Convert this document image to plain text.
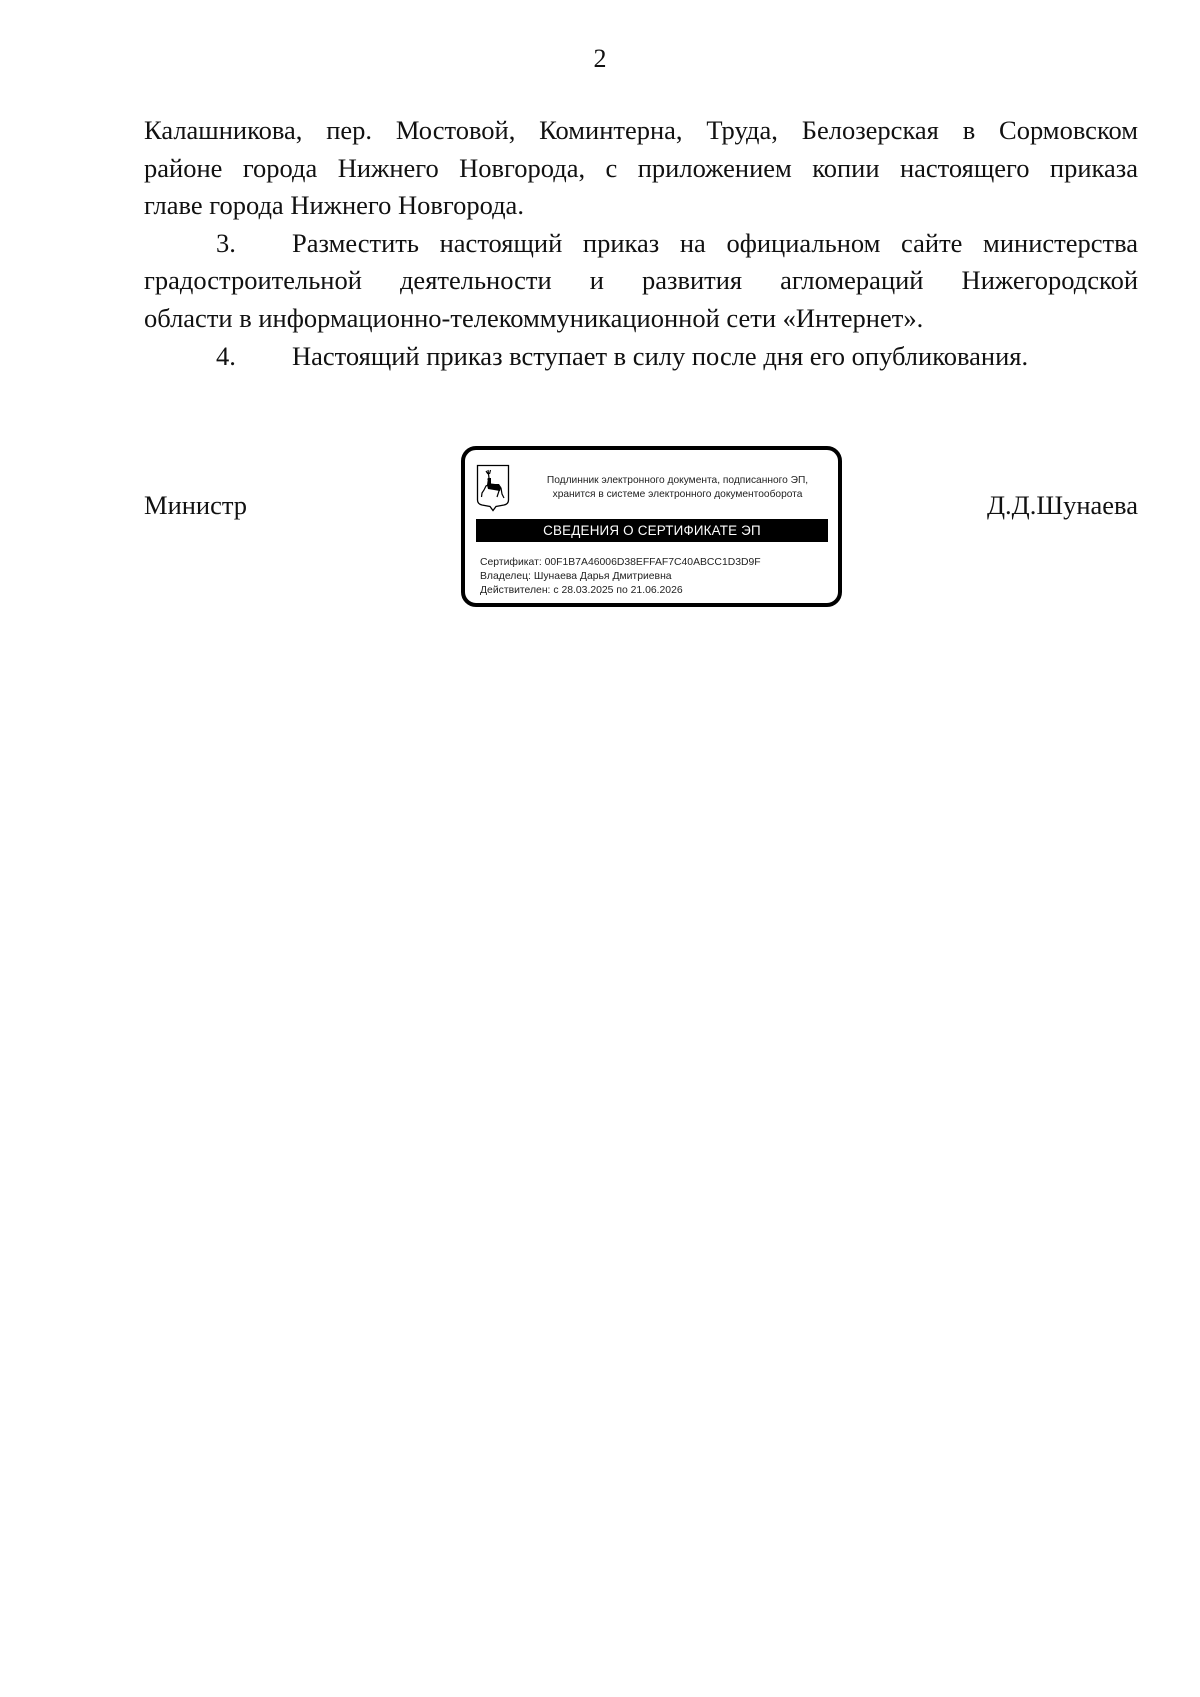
2

Калашникова, пер. Мостовой, Коминтерна, Труда, Белозерская в Сормовском

районе города Нижнего Новгорода, с приложением копии настоящего приказа

главе города Нижнего Новгорода.

3. Разместить настоящий приказ на официальном сайте министерства

градостроительной деятельности и развития агломераций Нижегородской

области в информационно-телекоммуникационной сети «Интернет».

4. Настоящий приказ вступает в силу после дня его опубликования.

Министр	Д.Д.Шунаева
Подлинник электронного документа, подписанного ЭП,
хранится в системе электронного документооборота
СВЕДЕНИЯ О СЕРТИФИКАТЕ ЭП
Сертификат: 00F1B7A46006D38EFFAF7C40ABCC1D3D9F
Владелец: Шунаева Дарья Дмитриевна
Действителен: с 28.03.2025 по 21.06.2026
